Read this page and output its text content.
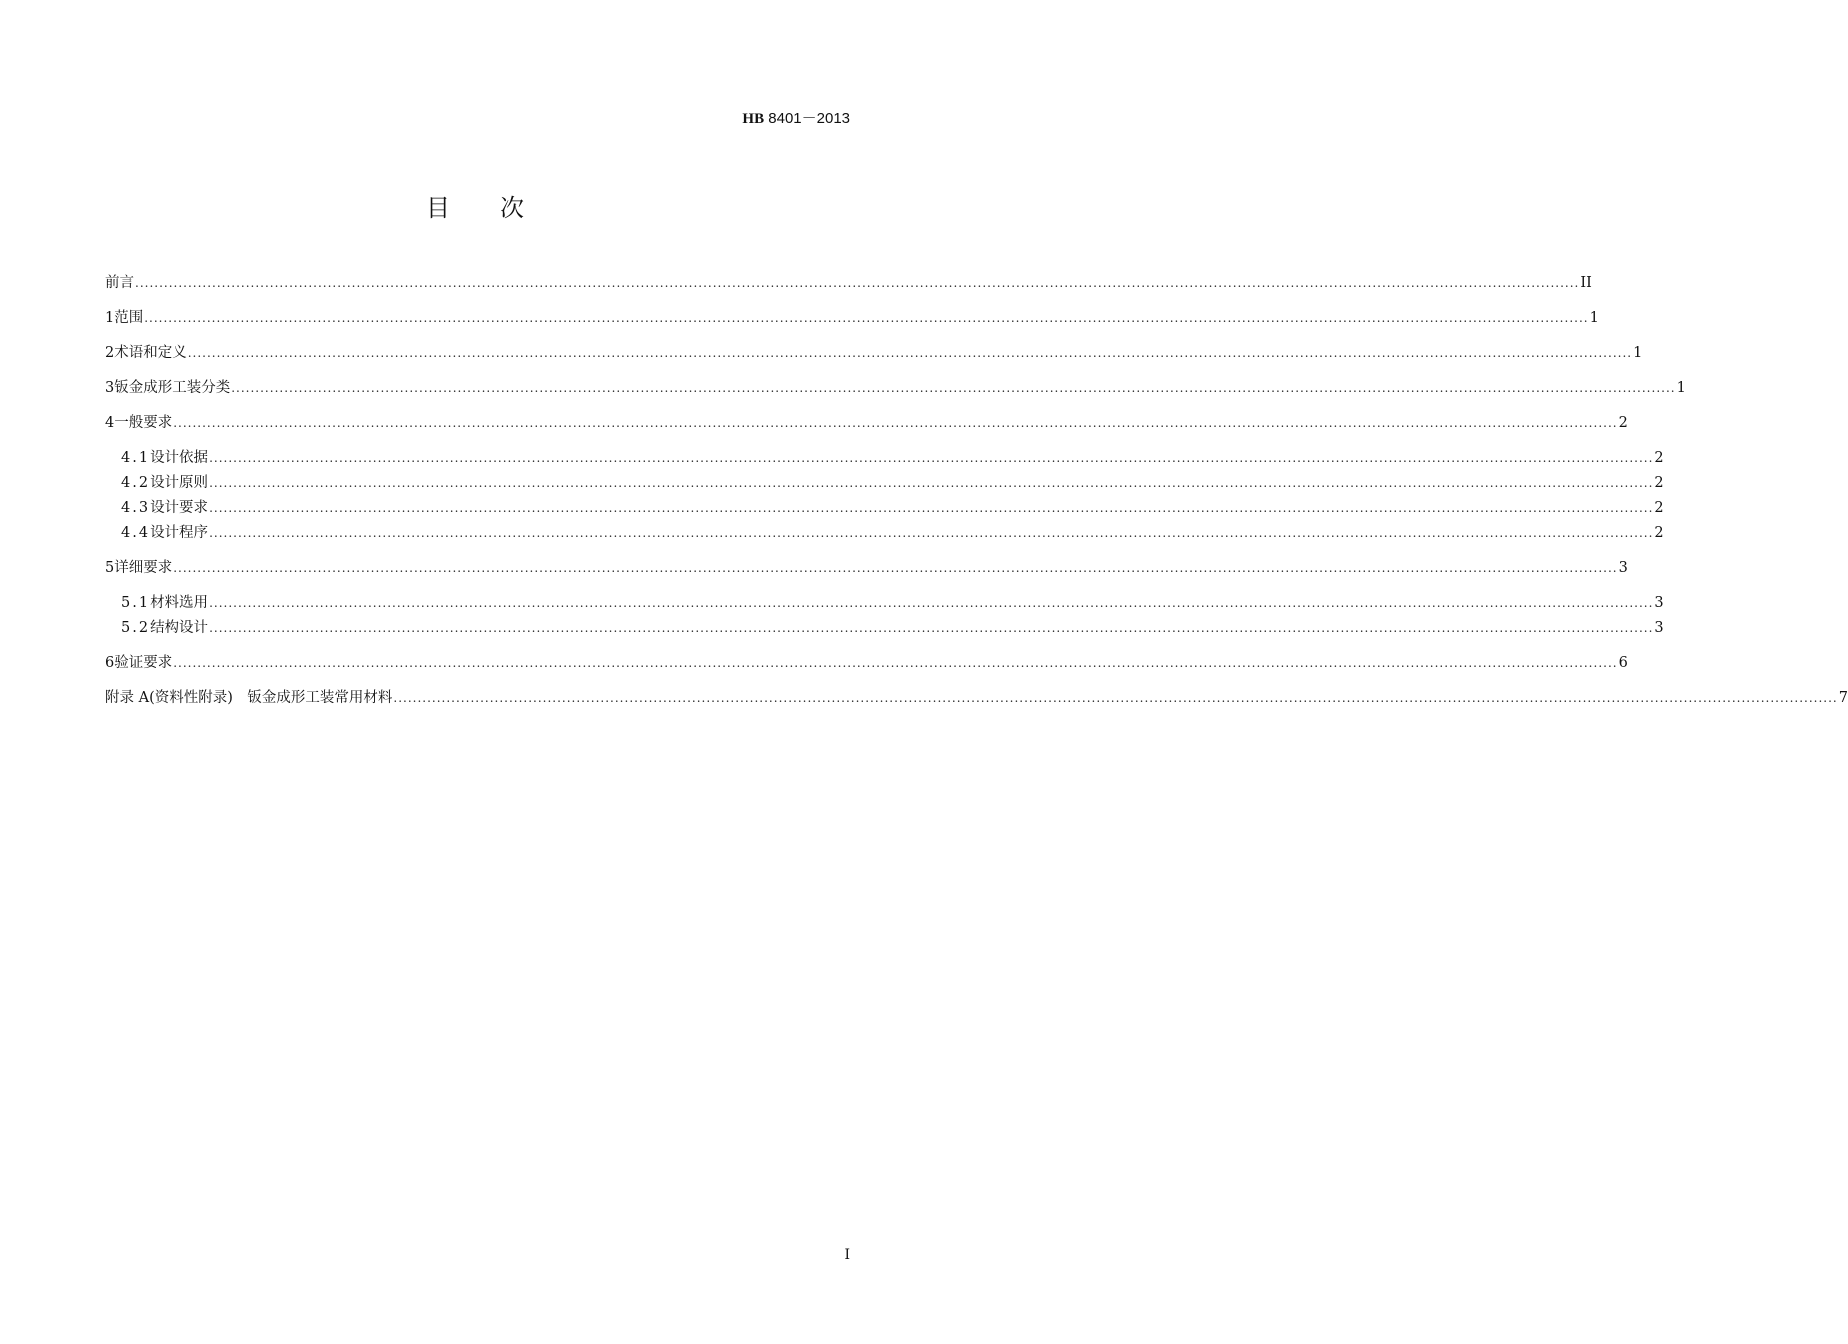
HB 8401－2013
目次
前言 ............................................................................................................................................................................................................................................................................................................ II
1 范围 ............................................................................................................................................................................................................................................................................................................ 1
2 术语和定义 ............................................................................................................................................................................................................................................................................................................ 1
3 钣金成形工装分类 ............................................................................................................................................................................................................................................................................................................ 1
4 一般要求 ............................................................................................................................................................................................................................................................................................................ 2
4.1 设计依据 ............................................................................................................................................................................................................................................................................................................ 2
4.2 设计原则 ............................................................................................................................................................................................................................................................................................................ 2
4.3 设计要求 ............................................................................................................................................................................................................................................................................................................ 2
4.4 设计程序 ............................................................................................................................................................................................................................................................................................................ 2
5 详细要求 ............................................................................................................................................................................................................................................................................................................ 3
5.1 材料选用 ............................................................................................................................................................................................................................................................................................................ 3
5.2 结构设计 ............................................................................................................................................................................................................................................................................................................ 3
6 验证要求 ............................................................................................................................................................................................................................................................................................................ 6
附录 A(资料性附录)　钣金成形工装常用材料 ............................................................................................................................................................................................................................................................................................................ 7
I
